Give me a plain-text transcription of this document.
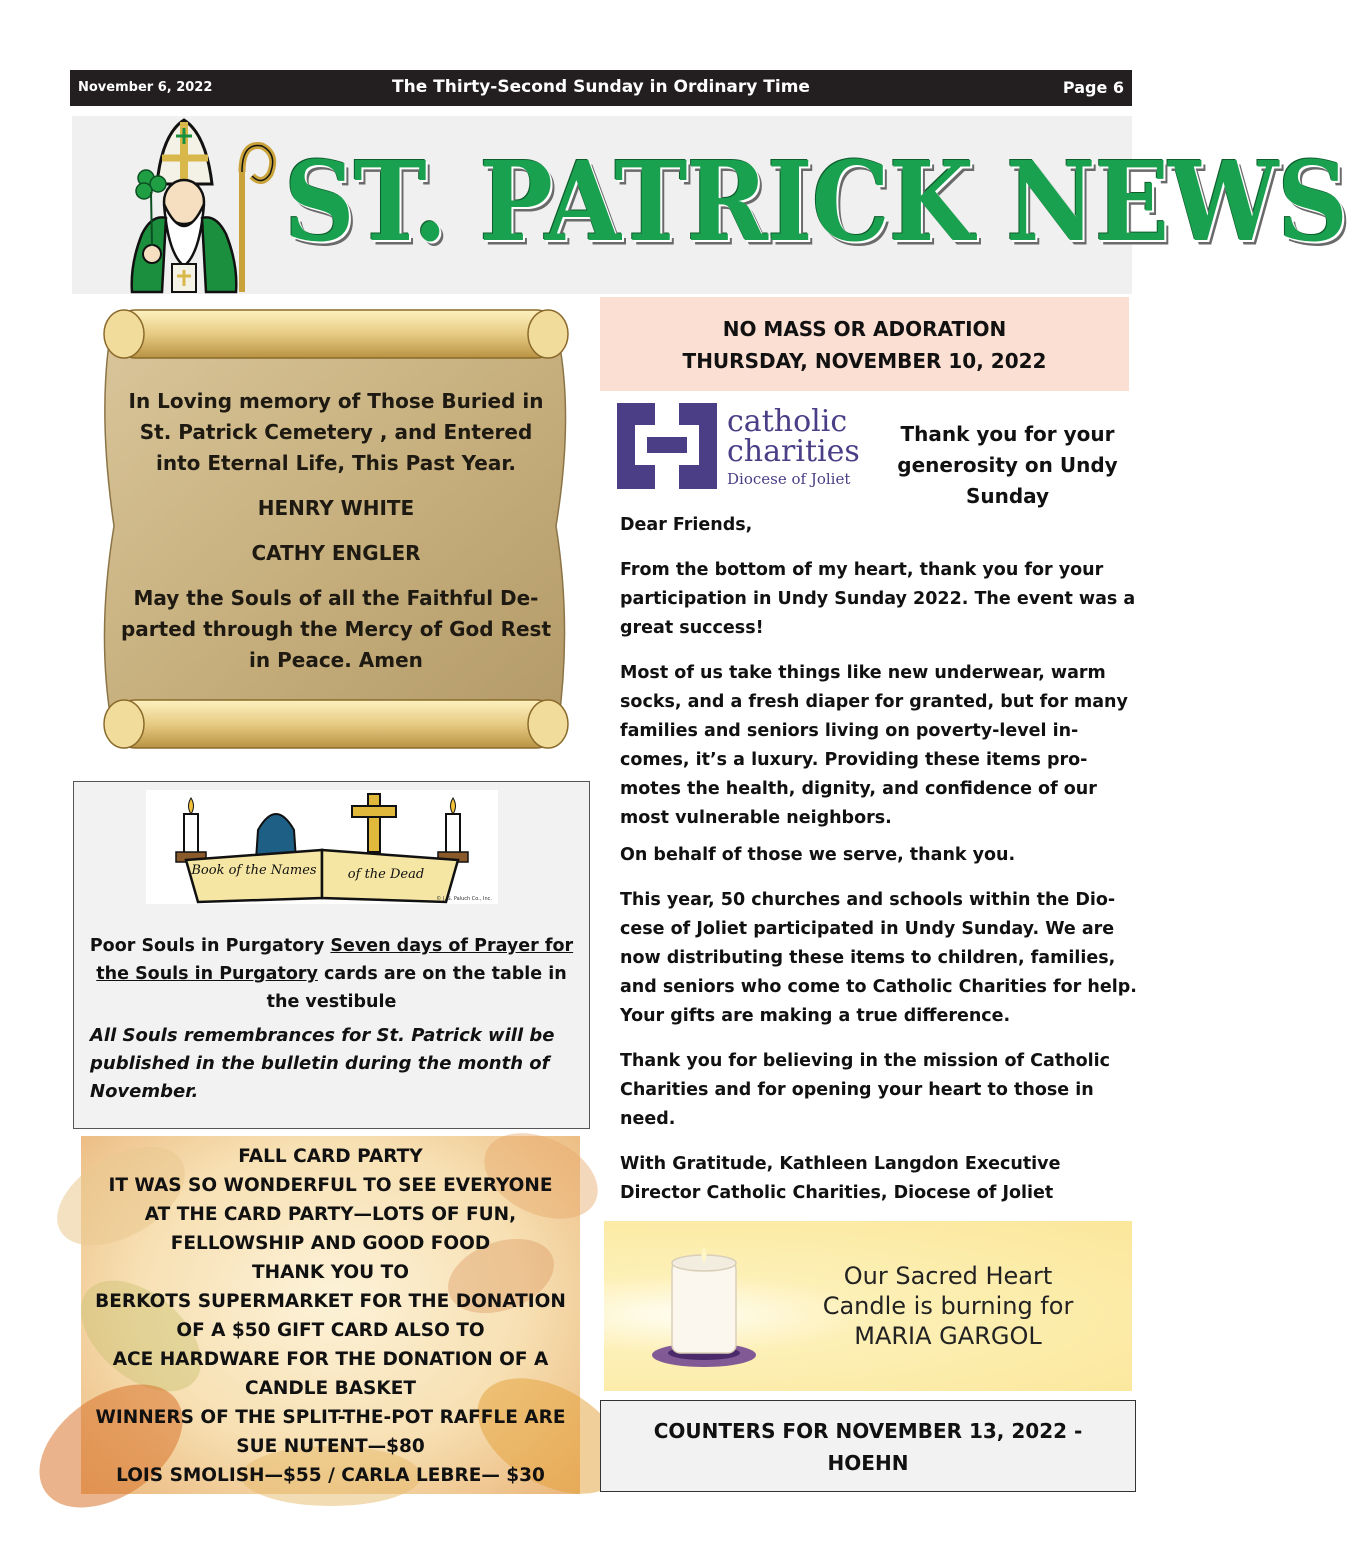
November 6, 2022	The Thirty-Second Sunday in Ordinary Time	Page 6
ST. PATRICK NEWS

In Loving memory of Those Buried in St. Patrick Cemetery , and Entered into Eternal Life, This Past Year.

HENRY WHITE

CATHY ENGLER

May the Souls of all the Faithful De-parted through the Mercy of God Rest in Peace. Amen

Book of the Names of the Dead
© J. S. Paluch Co., Inc.
Poor Souls in Purgatory Seven days of Prayer for the Souls in Purgatory cards are on the table in the vestibule
All Souls remembrances for St. Patrick will be published in the bulletin during the month of November.
FALL CARD PARTY
IT WAS SO WONDERFUL TO SEE EVERYONE
AT THE CARD PARTY—LOTS OF FUN,
FELLOWSHIP AND GOOD FOOD
THANK YOU TO
BERKOTS SUPERMARKET FOR THE DONATION
OF A $50 GIFT CARD ALSO TO
ACE HARDWARE FOR THE DONATION OF A
CANDLE BASKET
WINNERS OF THE SPLIT-THE-POT RAFFLE ARE
SUE NUTENT—$80
LOIS SMOLISH—$55 / CARLA LEBRE— $30
NO MASS OR ADORATION
THURSDAY, NOVEMBER 10, 2022
catholic
charities
Diocese of Joliet
Thank you for your generosity on Undy Sunday

Dear Friends,

From the bottom of my heart, thank you for your participation in Undy Sunday 2022. The event was a great success!

Most of us take things like new underwear, warm socks, and a fresh diaper for granted, but for many families and seniors living on poverty-level in-comes, it’s a luxury. Providing these items pro-motes the health, dignity, and confidence of our most vulnerable neighbors.

On behalf of those we serve, thank you.

This year, 50 churches and schools within the Dio-cese of Joliet participated in Undy Sunday. We are now distributing these items to children, families, and seniors who come to Catholic Charities for help. Your gifts are making a true difference.

Thank you for believing in the mission of Catholic Charities and for opening your heart to those in need.

With Gratitude, Kathleen Langdon Executive Director Catholic Charities, Diocese of Joliet

Our Sacred Heart
Candle is burning for
MARIA GARGOL
COUNTERS FOR NOVEMBER 13, 2022 -
HOEHN
